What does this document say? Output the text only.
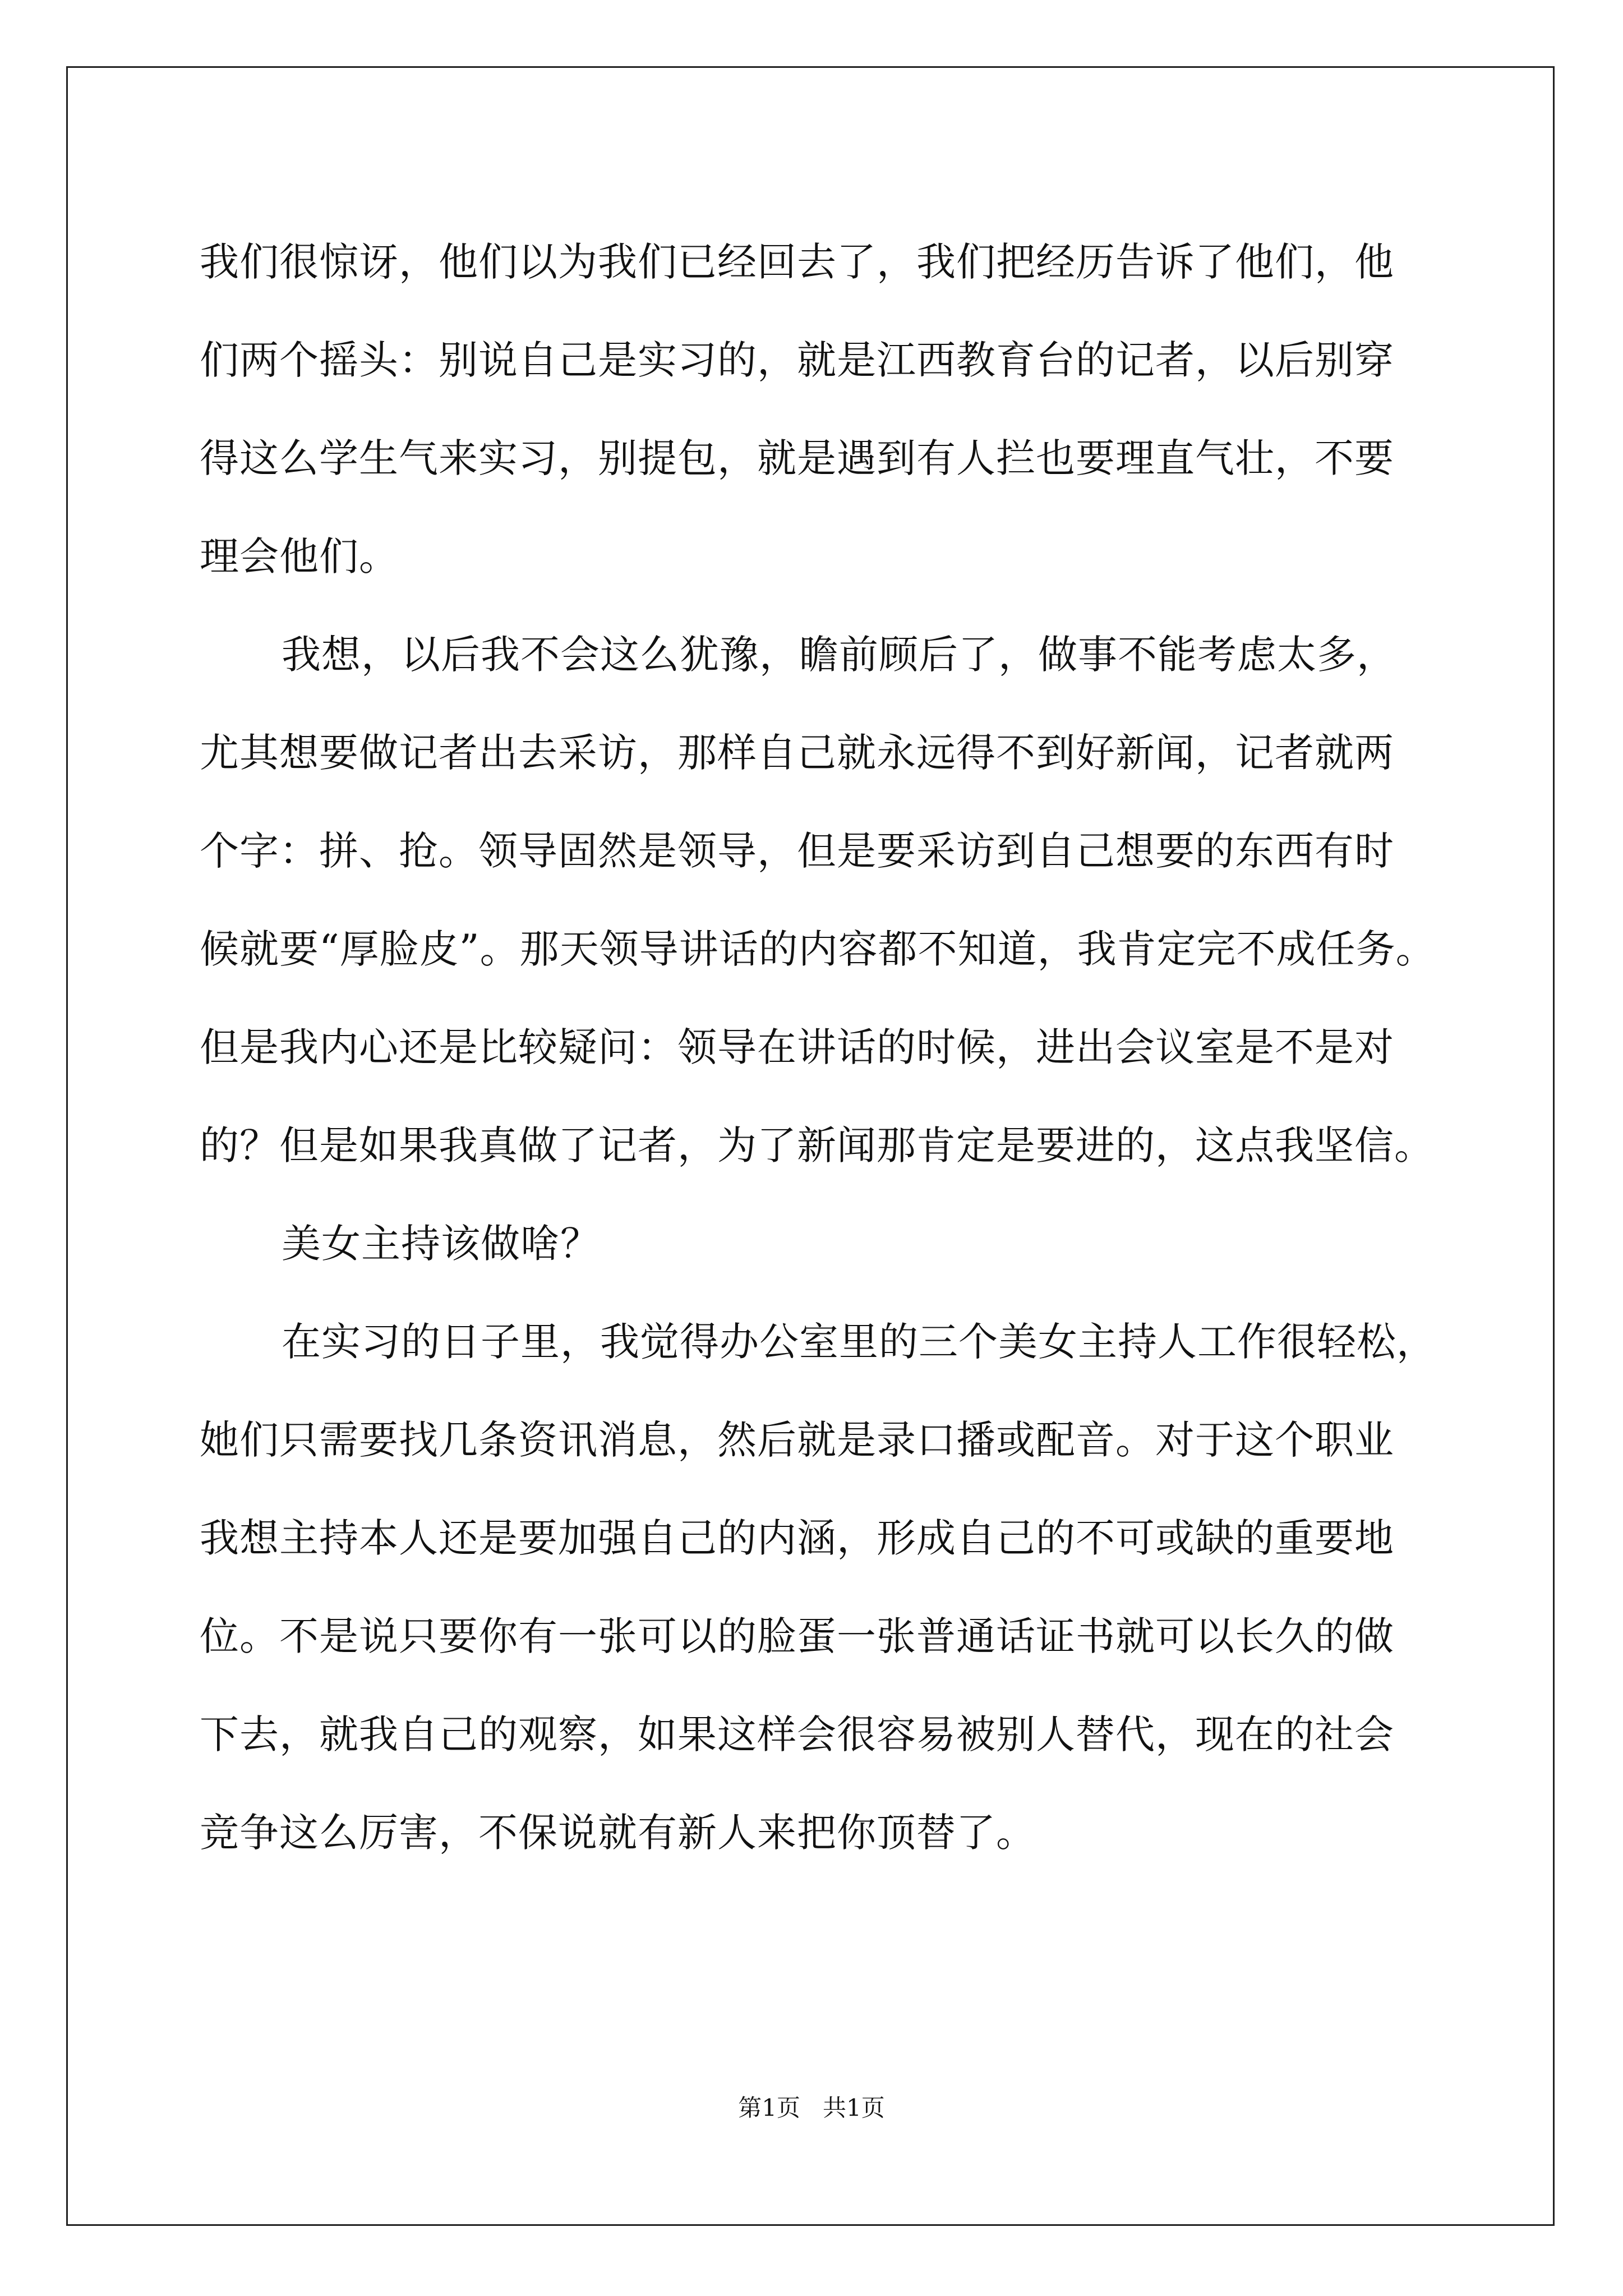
我们很惊讶，他们以为我们已经回去了，我们把经历告诉了他们，他
们两个摇头：别说自己是实习的，就是江西教育台的记者，以后别穿
得这么学生气来实习，别提包，就是遇到有人拦也要理直气壮，不要
理会他们。
我想，以后我不会这么犹豫，瞻前顾后了，做事不能考虑太多，
尤其想要做记者出去采访，那样自己就永远得不到好新闻，记者就两
个字：拼、抢。领导固然是领导，但是要采访到自己想要的东西有时
候就要“厚脸皮”。那天领导讲话的内容都不知道，我肯定完不成任务。
但是我内心还是比较疑问：领导在讲话的时候，进出会议室是不是对
的？但是如果我真做了记者，为了新闻那肯定是要进的，这点我坚信。
美女主持该做啥？
在实习的日子里，我觉得办公室里的三个美女主持人工作很轻松，
她们只需要找几条资讯消息，然后就是录口播或配音。对于这个职业
我想主持本人还是要加强自己的内涵，形成自己的不可或缺的重要地
位。不是说只要你有一张可以的脸蛋一张普通话证书就可以长久的做
下去，就我自己的观察，如果这样会很容易被别人替代，现在的社会
竞争这么厉害，不保说就有新人来把你顶替了。
第1页   共1页
